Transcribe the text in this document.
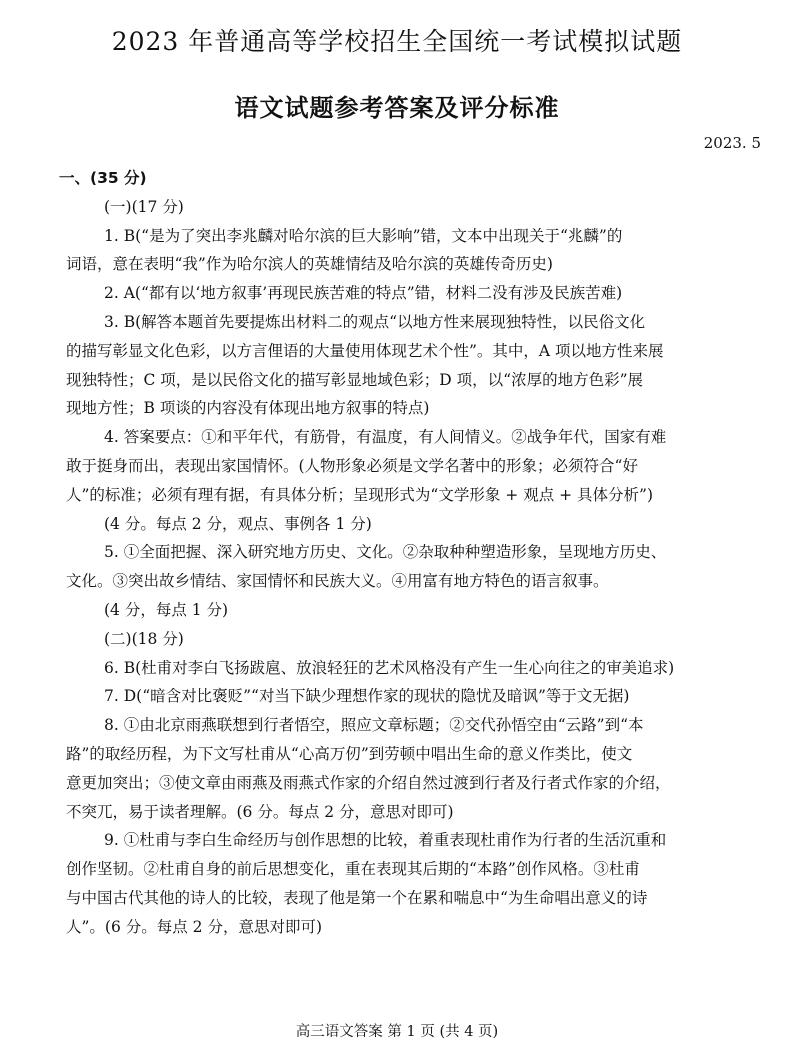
2023 年普通高等学校招生全国统一考试模拟试题
语文试题参考答案及评分标准
2023. 5
一、(35 分)
(一)(17 分)
1. B(“是为了突出李兆麟对哈尔滨的巨大影响”错，文本中出现关于“兆麟”的
词语，意在表明“我”作为哈尔滨人的英雄情结及哈尔滨的英雄传奇历史)
2. A(“都有以‘地方叙事’再现民族苦难的特点”错，材料二没有涉及民族苦难)
3. B(解答本题首先要提炼出材料二的观点“以地方性来展现独特性，以民俗文化
的描写彰显文化色彩，以方言俚语的大量使用体现艺术个性”。其中，A 项以地方性来展
现独特性；C 项，是以民俗文化的描写彰显地域色彩；D 项，以“浓厚的地方色彩”展
现地方性；B 项谈的内容没有体现出地方叙事的特点)
4. 答案要点：①和平年代，有筋骨，有温度，有人间情义。②战争年代，国家有难
敢于挺身而出，表现出家国情怀。(人物形象必须是文学名著中的形象；必须符合“好
人”的标准；必须有理有据，有具体分析；呈现形式为“文学形象 + 观点 + 具体分析”)
(4 分。每点 2 分，观点、事例各 1 分)
5. ①全面把握、深入研究地方历史、文化。②杂取种种塑造形象，呈现地方历史、
文化。③突出故乡情结、家国情怀和民族大义。④用富有地方特色的语言叙事。
(4 分，每点 1 分)
(二)(18 分)
6. B(杜甫对李白飞扬跋扈、放浪轻狂的艺术风格没有产生一生心向往之的审美追求)
7. D(“暗含对比褒贬”“对当下缺少理想作家的现状的隐忧及暗讽”等于文无据)
8. ①由北京雨燕联想到行者悟空，照应文章标题；②交代孙悟空由“云路”到“本
路”的取经历程，为下文写杜甫从“心高万仞”到劳顿中唱出生命的意义作类比，使文
意更加突出；③使文章由雨燕及雨燕式作家的介绍自然过渡到行者及行者式作家的介绍，
不突兀，易于读者理解。(6 分。每点 2 分，意思对即可)
9. ①杜甫与李白生命经历与创作思想的比较，着重表现杜甫作为行者的生活沉重和
创作坚韧。②杜甫自身的前后思想变化，重在表现其后期的“本路”创作风格。③杜甫
与中国古代其他的诗人的比较，表现了他是第一个在累和喘息中“为生命唱出意义的诗
人”。(6 分。每点 2 分，意思对即可)
高三语文答案 第 1 页 (共 4 页)
